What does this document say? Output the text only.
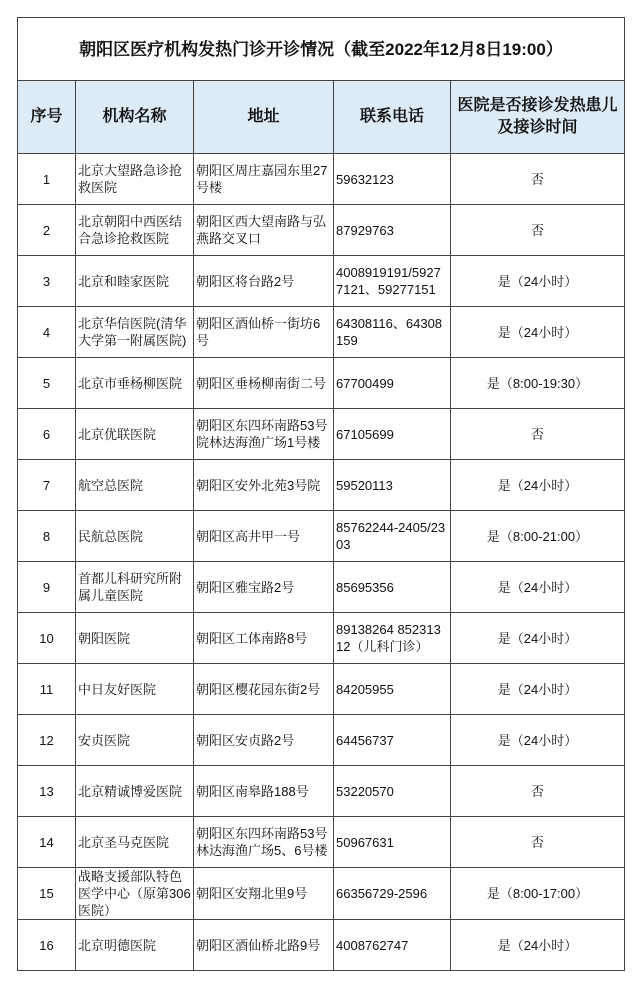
朝阳区医疗机构发热门诊开诊情况（截至2022年12月8日19:00）				
序号	机构名称	地址	联系电话	医院是否接诊发热患儿及接诊时间
1	北京大望路急诊抢救医院	朝阳区周庄嘉园东里27号楼	59632123	否
2	北京朝阳中西医结合急诊抢救医院	朝阳区西大望南路与弘燕路交叉口	87929763	否
3	北京和睦家医院	朝阳区将台路2号	4008919191/59277121、59277151	是（24小时）
4	北京华信医院(清华大学第一附属医院)	朝阳区酒仙桥一街坊6号	64308116、64308159	是（24小时）
5	北京市垂杨柳医院	朝阳区垂杨柳南街二号	67700499	是（8:00-19:30）
6	北京优联医院	朝阳区东四环南路53号院林达海渔广场1号楼	67105699	否
7	航空总医院	朝阳区安外北苑3号院	59520113	是（24小时）
8	民航总医院	朝阳区高井甲一号	85762244-2405/2303	是（8:00-21:00）
9	首都儿科研究所附属儿童医院	朝阳区雅宝路2号	85695356	是（24小时）
10	朝阳医院	朝阳区工体南路8号	89138264 85231312（儿科门诊）	是（24小时）
11	中日友好医院	朝阳区樱花园东街2号	84205955	是（24小时）
12	安贞医院	朝阳区安贞路2号	64456737	是（24小时）
13	北京精诚博爱医院	朝阳区南皋路188号	53220570	否
14	北京圣马克医院	朝阳区东四环南路53号林达海渔广场5、6号楼	50967631	否
15	战略支援部队特色医学中心（原第306医院）	朝阳区安翔北里9号	66356729-2596	是（8:00-17:00）
16	北京明德医院	朝阳区酒仙桥北路9号	4008762747	是（24小时）
